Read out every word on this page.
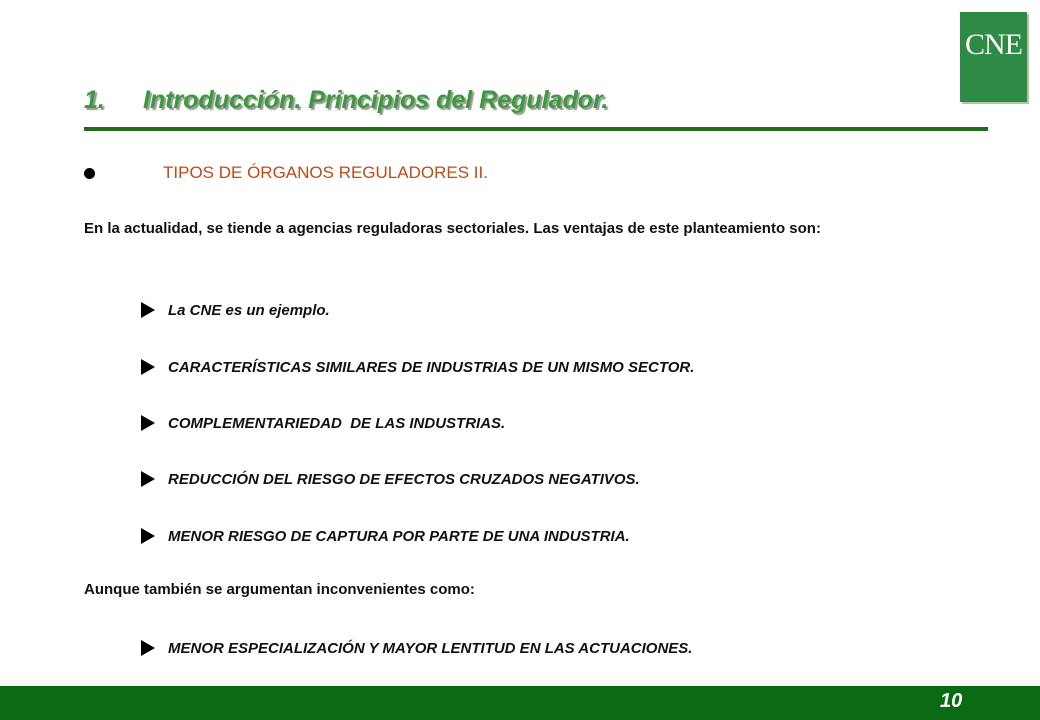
CNE
1. Introducción. Principios del Regulador.
TIPOS DE ÓRGANOS REGULADORES II.
En la actualidad, se tiende a agencias reguladoras sectoriales. Las ventajas de este planteamiento son:
La CNE es un ejemplo.
CARACTERÍSTICAS SIMILARES DE INDUSTRIAS DE UN MISMO SECTOR.
COMPLEMENTARIEDAD  DE LAS INDUSTRIAS.
REDUCCIÓN DEL RIESGO DE EFECTOS CRUZADOS NEGATIVOS.
MENOR RIESGO DE CAPTURA POR PARTE DE UNA INDUSTRIA.
Aunque también se argumentan inconvenientes como:
MENOR ESPECIALIZACIÓN Y MAYOR LENTITUD EN LAS ACTUACIONES.
10
